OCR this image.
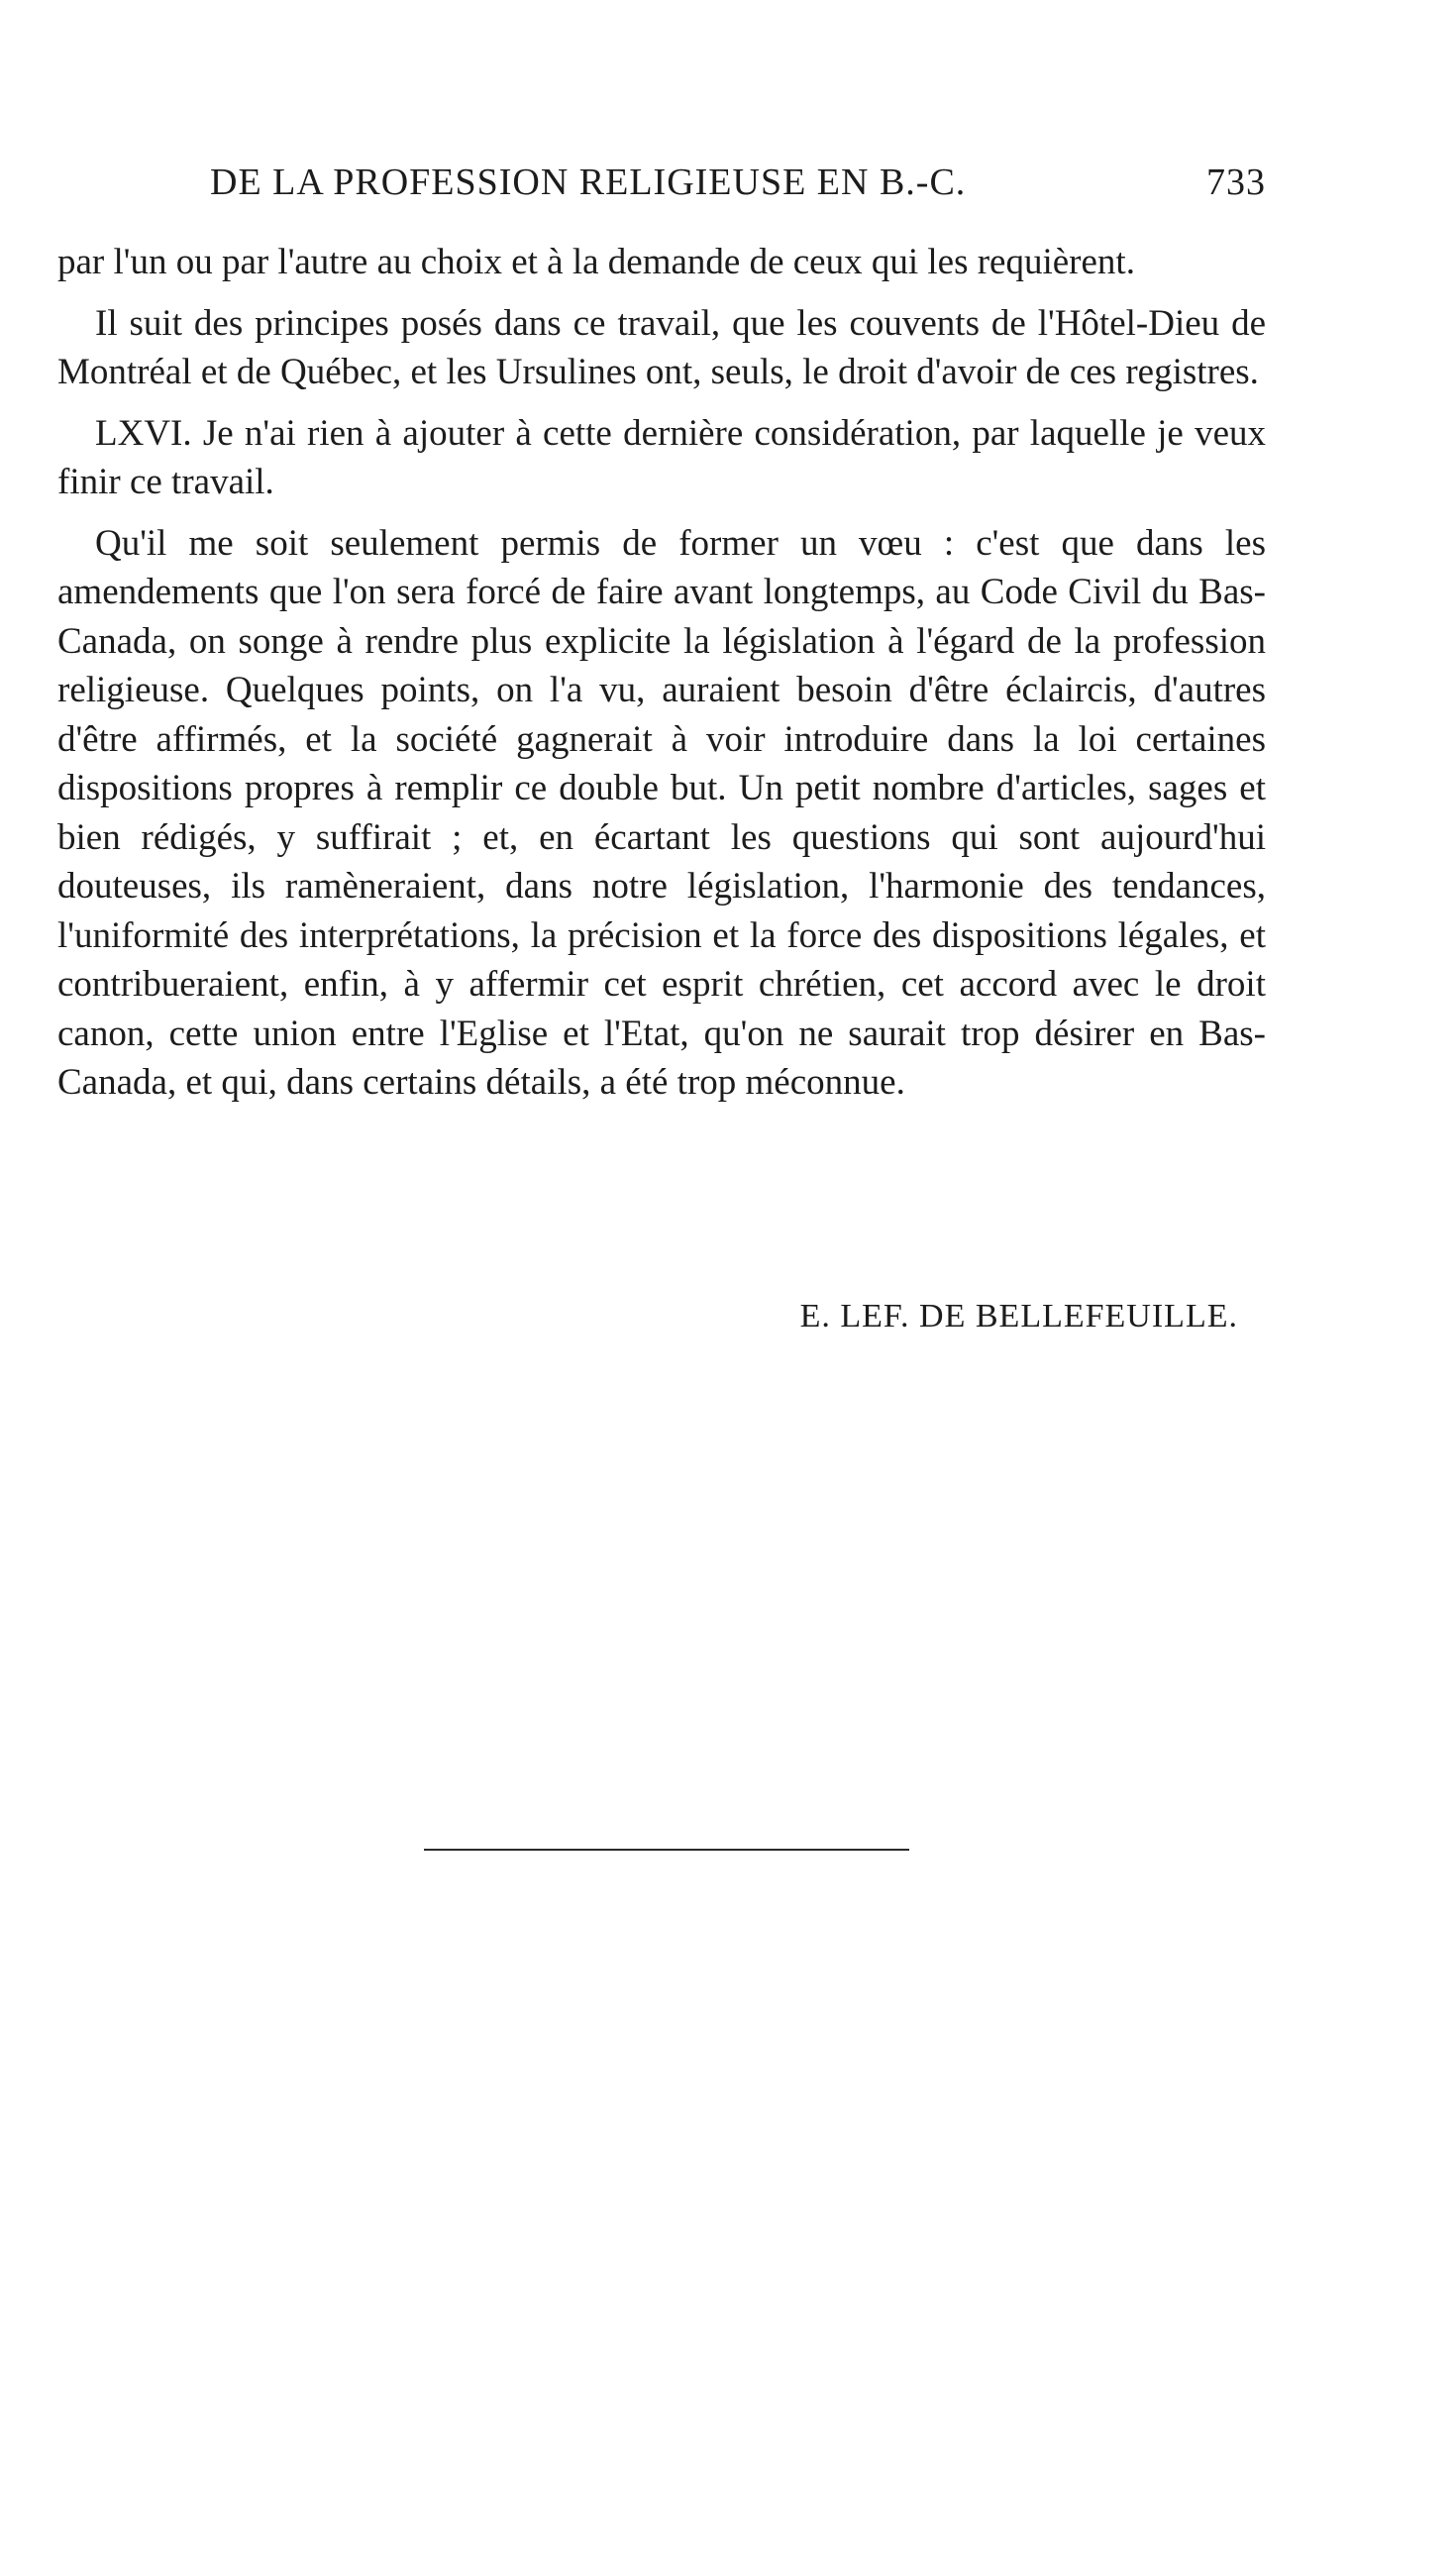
DE LA PROFESSION RELIGIEUSE EN B.-C.	733

par l'un ou par l'autre au choix et à la demande de ceux qui les requièrent.

Il suit des principes posés dans ce travail, que les couvents de l'Hôtel-Dieu de Montréal et de Québec, et les Ursulines ont, seuls, le droit d'avoir de ces registres.

LXVI. Je n'ai rien à ajouter à cette dernière considération, par laquelle je veux finir ce travail.

Qu'il me soit seulement permis de former un vœu : c'est que dans les amendements que l'on sera forcé de faire avant longtemps, au Code Civil du Bas-Canada, on songe à rendre plus explicite la législation à l'égard de la profession religieuse. Quelques points, on l'a vu, auraient besoin d'être éclaircis, d'autres d'être affirmés, et la société gagnerait à voir introduire dans la loi certaines dispositions propres à remplir ce double but. Un petit nombre d'articles, sages et bien rédigés, y suffirait ; et, en écartant les questions qui sont aujourd'hui douteuses, ils ramèneraient, dans notre législation, l'harmonie des tendances, l'uniformité des interprétations, la précision et la force des dispositions légales, et contribueraient, enfin, à y affermir cet esprit chrétien, cet accord avec le droit canon, cette union entre l'Eglise et l'Etat, qu'on ne saurait trop désirer en Bas-Canada, et qui, dans certains détails, a été trop méconnue.

E. LEF. DE BELLEFEUILLE.
